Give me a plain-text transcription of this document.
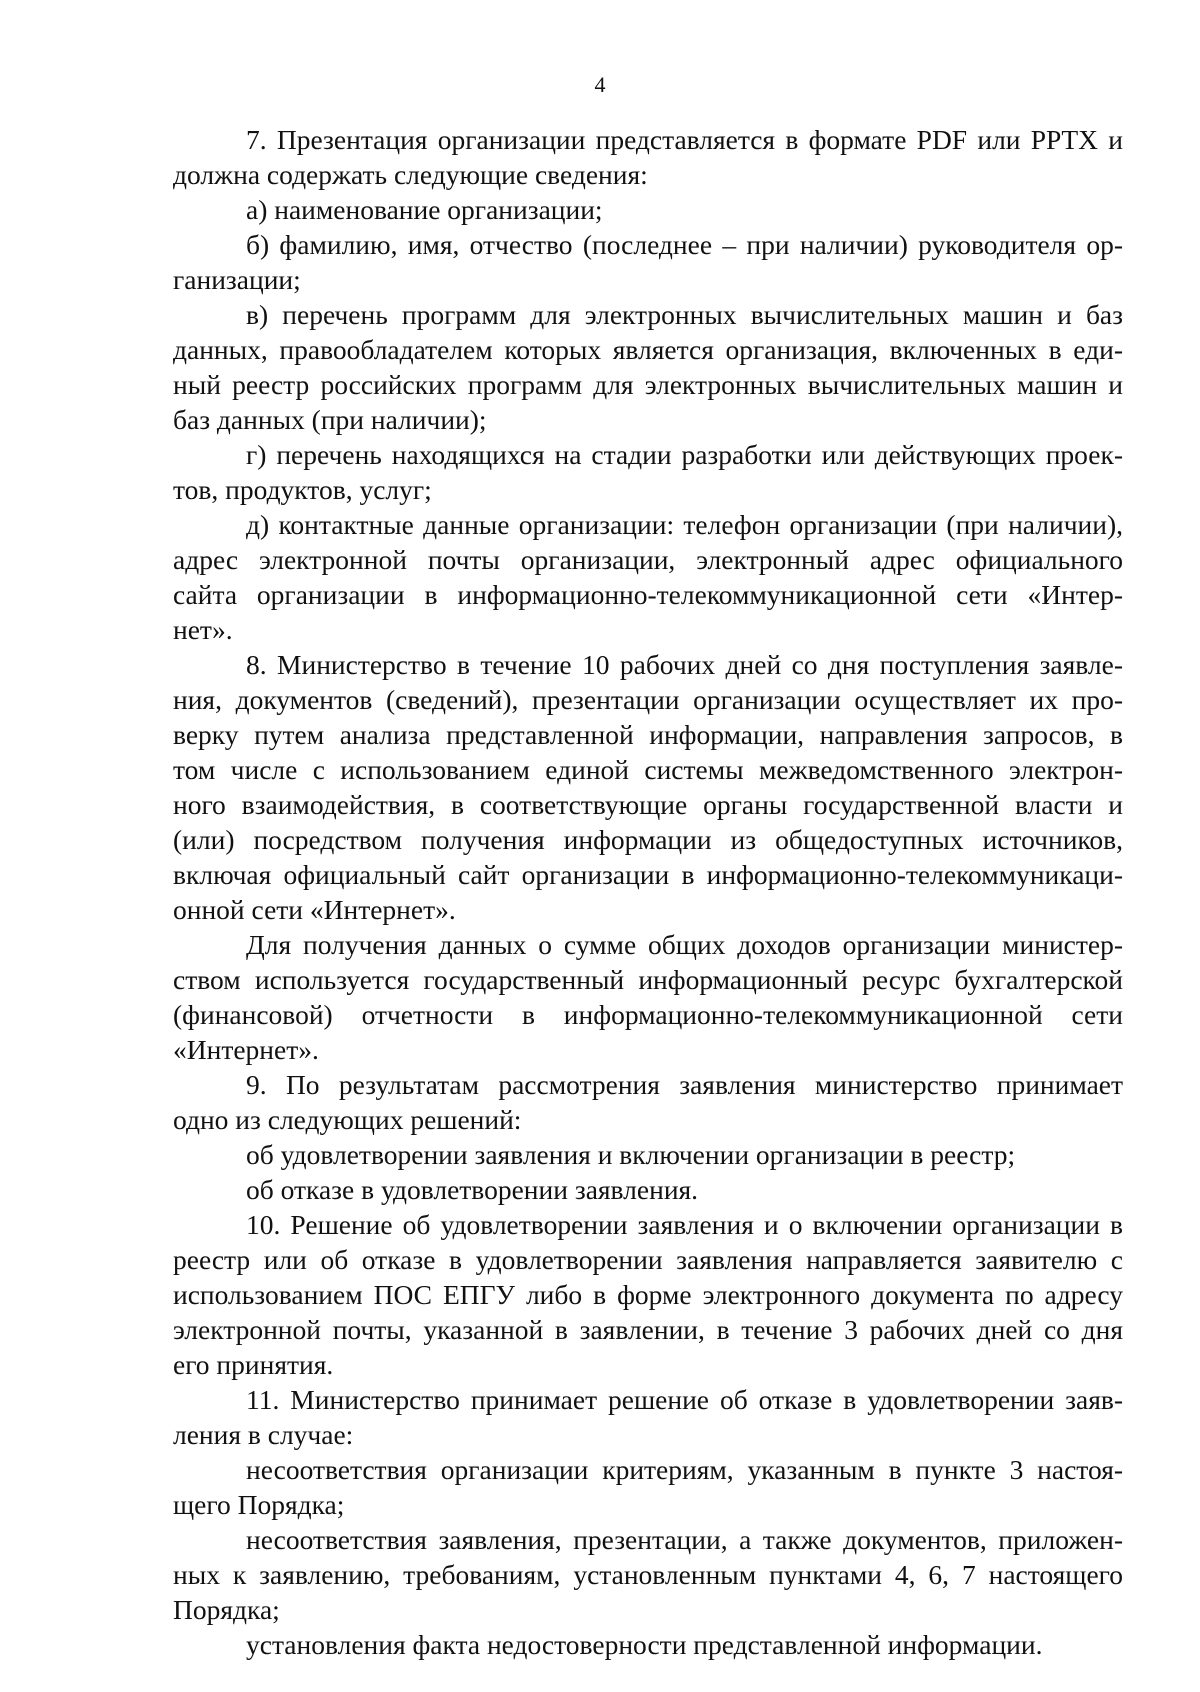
4
7. Презентация организации представляется в формате PDF или PPTX и
должна содержать следующие сведения:
а) наименование организации;
б) фамилию, имя, отчество (последнее – при наличии) руководителя ор-
ганизации;
в) перечень программ для электронных вычислительных машин и баз
данных, правообладателем которых является организация, включенных в еди-
ный реестр российских программ для электронных вычислительных машин и
баз данных (при наличии);
г) перечень находящихся на стадии разработки или действующих проек-
тов, продуктов, услуг;
д) контактные данные организации: телефон организации (при наличии),
адрес электронной почты организации, электронный адрес официального
сайта организации в информационно-телекоммуникационной сети «Интер-
нет».
8. Министерство в течение 10 рабочих дней со дня поступления заявле-
ния, документов (сведений), презентации организации осуществляет их про-
верку путем анализа представленной информации, направления запросов, в
том числе с использованием единой системы межведомственного электрон-
ного взаимодействия, в соответствующие органы государственной власти и
(или) посредством получения информации из общедоступных источников,
включая официальный сайт организации в информационно-телекоммуникаци-
онной сети «Интернет».
Для получения данных о сумме общих доходов организации министер-
ством используется государственный информационный ресурс бухгалтерской
(финансовой) отчетности в информационно-телекоммуникационной сети
«Интернет».
9. По результатам рассмотрения заявления министерство принимает
одно из следующих решений:
об удовлетворении заявления и включении организации в реестр;
об отказе в удовлетворении заявления.
10. Решение об удовлетворении заявления и о включении организации в
реестр или об отказе в удовлетворении заявления направляется заявителю с
использованием ПОС ЕПГУ либо в форме электронного документа по адресу
электронной почты, указанной в заявлении, в течение 3 рабочих дней со дня
его принятия.
11. Министерство принимает решение об отказе в удовлетворении заяв-
ления в случае:
несоответствия организации критериям, указанным в пункте 3 настоя-
щего Порядка;
несоответствия заявления, презентации, а также документов, приложен-
ных к заявлению, требованиям, установленным пунктами 4, 6, 7 настоящего
Порядка;
установления факта недостоверности представленной информации.
